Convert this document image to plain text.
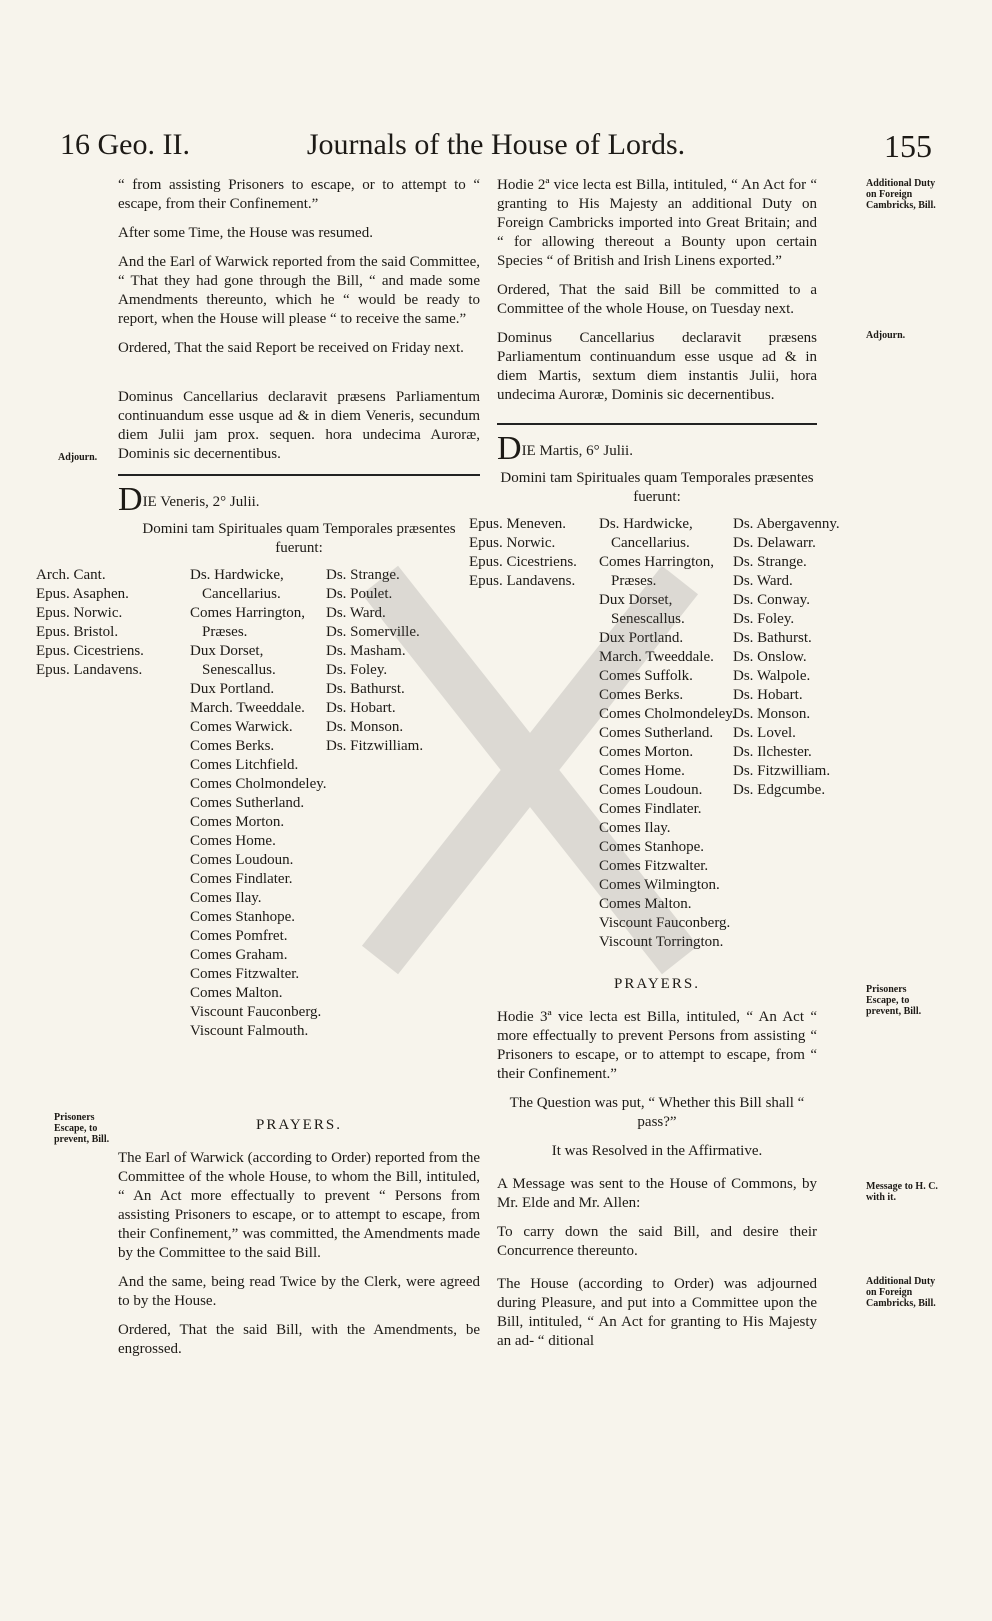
16 Geo. II.	Journals of the House of Lords.	155

“ from assisting Prisoners to escape, or to attempt to “ escape, from their Confinement.”

After some Time, the House was resumed.

And the Earl of Warwick reported from the said Committee, “ That they had gone through the Bill, “ and made some Amendments thereunto, which he “ would be ready to report, when the House will please “ to receive the same.”

Ordered, That the said Report be received on Friday next.

Dominus Cancellarius declaravit præsens Parliamentum continuandum esse usque ad & in diem Veneris, secundum diem Julii jam prox. sequen. hora undecima Auroræ, Dominis sic decernentibus.

DIE Veneris, 2° Julii.

Domini tam Spirituales quam Temporales præsentes fuerunt:

Arch. Cant.
Epus. Asaphen.
Epus. Norwic.
Epus. Bristol.
Epus. Cicestriens.
Epus. Landavens.
Ds. Hardwicke,
Cancellarius.
Comes Harrington,
Præses.
Dux Dorset,
Senescallus.
Dux Portland.
March. Tweeddale.
Comes Warwick.
Comes Berks.
Comes Litchfield.
Comes Cholmondeley.
Comes Sutherland.
Comes Morton.
Comes Home.
Comes Loudoun.
Comes Findlater.
Comes Ilay.
Comes Stanhope.
Comes Pomfret.
Comes Graham.
Comes Fitzwalter.
Comes Malton.
Viscount Fauconberg.
Viscount Falmouth.
Ds. Strange.
Ds. Poulet.
Ds. Ward.
Ds. Somerville.
Ds. Masham.
Ds. Foley.
Ds. Bathurst.
Ds. Hobart.
Ds. Monson.
Ds. Fitzwilliam.

PRAYERS.

The Earl of Warwick (according to Order) reported from the Committee of the whole House, to whom the Bill, intituled, “ An Act more effectually to prevent “ Persons from assisting Prisoners to escape, or to attempt to escape, from their Confinement,” was committed, the Amendments made by the Committee to the said Bill.

And the same, being read Twice by the Clerk, were agreed to by the House.

Ordered, That the said Bill, with the Amendments, be engrossed.

Hodie 2ª vice lecta est Billa, intituled, “ An Act for “ granting to His Majesty an additional Duty on Foreign Cambricks imported into Great Britain; and “ for allowing thereout a Bounty upon certain Species “ of British and Irish Linens exported.”

Ordered, That the said Bill be committed to a Committee of the whole House, on Tuesday next.

Dominus Cancellarius declaravit præsens Parliamentum continuandum esse usque ad & in diem Martis, sextum diem instantis Julii, hora undecima Auroræ, Dominis sic decernentibus.

DIE Martis, 6° Julii.

Domini tam Spirituales quam Temporales præsentes fuerunt:

Epus. Meneven.
Epus. Norwic.
Epus. Cicestriens.
Epus. Landavens.
Ds. Hardwicke,
Cancellarius.
Comes Harrington,
Præses.
Dux Dorset,
Senescallus.
Dux Portland.
March. Tweeddale.
Comes Suffolk.
Comes Berks.
Comes Cholmondeley.
Comes Sutherland.
Comes Morton.
Comes Home.
Comes Loudoun.
Comes Findlater.
Comes Ilay.
Comes Stanhope.
Comes Fitzwalter.
Comes Wilmington.
Comes Malton.
Viscount Fauconberg.
Viscount Torrington.
Ds. Abergavenny.
Ds. Delawarr.
Ds. Strange.
Ds. Ward.
Ds. Conway.
Ds. Foley.
Ds. Bathurst.
Ds. Onslow.
Ds. Walpole.
Ds. Hobart.
Ds. Monson.
Ds. Lovel.
Ds. Ilchester.
Ds. Fitzwilliam.
Ds. Edgcumbe.

PRAYERS.

Hodie 3ª vice lecta est Billa, intituled, “ An Act “ more effectually to prevent Persons from assisting “ Prisoners to escape, or to attempt to escape, from “ their Confinement.”

The Question was put, “ Whether this Bill shall “ pass?”

It was Resolved in the Affirmative.

A Message was sent to the House of Commons, by Mr. Elde and Mr. Allen:

To carry down the said Bill, and desire their Concurrence thereunto.

The House (according to Order) was adjourned during Pleasure, and put into a Committee upon the Bill, intituled, “ An Act for granting to His Majesty an ad- “ ditional

Adjourn.
Prisoners Escape, to prevent, Bill.
Additional Duty on Foreign Cambricks, Bill.
Adjourn.
Prisoners Escape, to prevent, Bill.
Message to H. C. with it.
Additional Duty on Foreign Cambricks, Bill.
